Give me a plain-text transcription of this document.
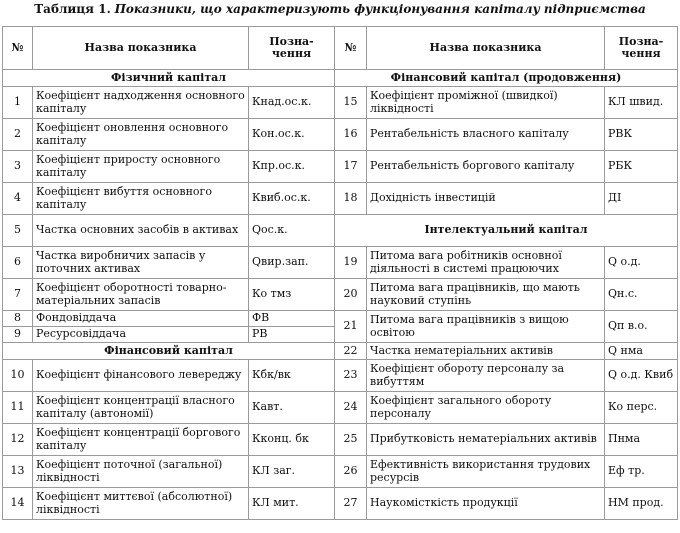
Таблиця 1. Показники, що характеризують функціонування капіталу підприємства
№	Назва показника	Позна-чення	№	Назва показника	Позна-чення
Фізичний капітал			Фінансовий капітал (продовження)		
1	Коефіцієнт надходження основного капіталу	Кнад.ос.к.	15	Коефіцієнт проміжної (швидкої) ліквідності	КЛ швид.
2	Коефіцієнт оновлення основного капіталу	Кон.ос.к.	16	Рентабельність власного капіталу	РВК
3	Коефіцієнт приросту основного капіталу	Кпр.ос.к.	17	Рентабельність боргового капіталу	РБК
4	Коефіцієнт вибуття основного капіталу	Квиб.ос.к.	18	Дохідність інвестицій	ДІ
5	Частка основних засобів в активах	Qос.к.	Інтелектуальний капітал		
6	Частка виробничих запасів у поточних активах	Qвир.зап.	19	Питома вага робітників основної діяльності в системі працюючих	Q о.д.
7	Коефіцієнт оборотності товарно-матеріальних запасів	Ко тмз	20	Питома вага працівників, що мають науковий ступінь	Qн.с.
8	Фондовіддача	ФВ	21	Питома вага працівників з вищою освітою	Qп в.о.
9	Ресурсовіддача	РВ			
Фінансовий капітал			22	Частка нематеріальних активів	Q нма
10	Коефіцієнт фінансового левереджу	Кбк/вк	23	Коефіцієнт обороту персоналу за вибуттям	Q о.д. Квиб
11	Коефіцієнт концентрації власного капіталу (автономії)	Кавт.	24	Коефіцієнт загального обороту персоналу	Ко перс.
12	Коефіцієнт концентрації боргового капіталу	Кконц. бк	25	Прибутковість нематеріальних активів	Пнма
13	Коефіцієнт поточної (загальної) ліквідності	КЛ заг.	26	Ефективність використання трудових ресурсів	Еф тр.
14	Коефіцієнт миттєвої (абсолютної) ліквідності	КЛ мит.	27	Наукомісткість продукції	НМ прод.
